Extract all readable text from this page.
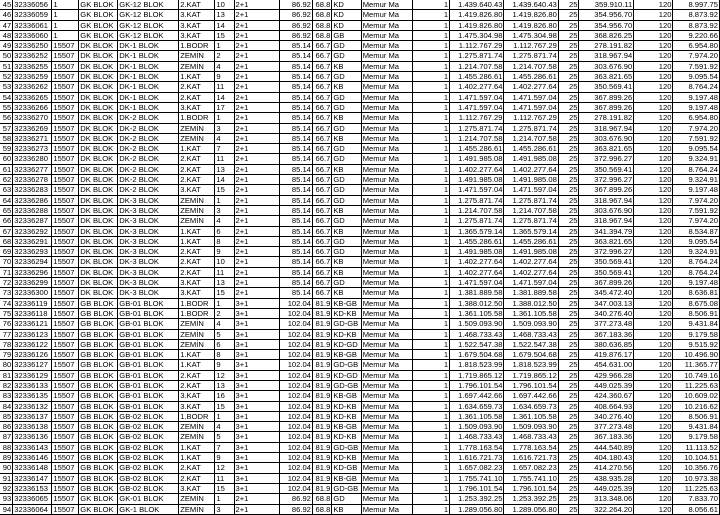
45	32336056	1	GK BLOK	GK-12 BLOK	2.KAT	10	2+1	86.92	68.8	KD	Memur Ma	1	1.439.640.43	1.439.640.43	25	359.910.11	120	8.997.75
46	32336059	1	GK BLOK	GK-12 BLOK	3.KAT	13	2+1	86.92	68.8	KD	Memur Ma	1	1.419.826.80	1.419.826.80	25	354.956.70	120	8.873.92
47	32336061	1	GK BLOK	GK-12 BLOK	3.KAT	14	2+1	86.92	68.8	KD	Memur Ma	1	1.419.826.80	1.419.826.80	25	354.956.70	120	8.873.92
48	32336060	1	GK BLOK	GK-12 BLOK	3.KAT	15	2+1	86.92	68.8	GB	Memur Ma	1	1.475.304.98	1.475.304.98	25	368.826.25	120	9.220.66
49	32336250	15507	DK BLOK	DK-1 BLOK	1.BODR	1	2+1	85.14	66.7	GD	Memur Ma	1	1.112.767.29	1.112.767.29	25	278.191.82	120	6.954.80
50	32336252	15507	DK BLOK	DK-1 BLOK	ZEMİN	2	2+1	85.14	66.7	GD	Memur Ma	1	1.275.871.74	1.275.871.74	25	318.967.94	120	7.974.20
51	32336255	15507	DK BLOK	DK-1 BLOK	ZEMİN	4	2+1	85.14	66.7	KB	Memur Ma	1	1.214.707.58	1.214.707.58	25	303.676.90	120	7.591.92
52	32336259	15507	DK BLOK	DK-1 BLOK	1.KAT	9	2+1	85.14	66.7	GD	Memur Ma	1	1.455.286.61	1.455.286.61	25	363.821.65	120	9.095.54
53	32336262	15507	DK BLOK	DK-1 BLOK	2.KAT	11	2+1	85.14	66.7	KB	Memur Ma	1	1.402.277.64	1.402.277.64	25	350.569.41	120	8.764.24
54	32336265	15507	DK BLOK	DK-1 BLOK	2.KAT	14	2+1	85.14	66.7	GD	Memur Ma	1	1.471.597.04	1.471.597.04	25	367.899.26	120	9.197.48
55	32336266	15507	DK BLOK	DK-1 BLOK	3.KAT	17	2+1	85.14	66.7	GD	Memur Ma	1	1.471.597.04	1.471.597.04	25	367.899.26	120	9.197.48
56	32336270	15507	DK BLOK	DK-2 BLOK	1.BODR	1	2+1	85.14	66.7	KB	Memur Ma	1	1.112.767.29	1.112.767.29	25	278.191.82	120	6.954.80
57	32336269	15507	DK BLOK	DK-2 BLOK	ZEMİN	3	2+1	85.14	66.7	GD	Memur Ma	1	1.275.871.74	1.275.871.74	25	318.967.94	120	7.974.20
58	32336271	15507	DK BLOK	DK-2 BLOK	ZEMİN	4	2+1	85.14	66.7	KB	Memur Ma	1	1.214.707.58	1.214.707.58	25	303.676.90	120	7.591.92
59	32336273	15507	DK BLOK	DK-2 BLOK	1.KAT	7	2+1	85.14	66.7	GD	Memur Ma	1	1.455.286.61	1.455.286.61	25	363.821.65	120	9.095.54
60	32336280	15507	DK BLOK	DK-2 BLOK	2.KAT	11	2+1	85.14	66.7	GD	Memur Ma	1	1.491.985.08	1.491.985.08	25	372.996.27	120	9.324.91
61	32336277	15507	DK BLOK	DK-2 BLOK	2.KAT	13	2+1	85.14	66.7	KB	Memur Ma	1	1.402.277.64	1.402.277.64	25	350.569.41	120	8.764.24
62	32336278	15507	DK BLOK	DK-2 BLOK	2.KAT	14	2+1	85.14	66.7	GD	Memur Ma	1	1.491.985.08	1.491.985.08	25	372.996.27	120	9.324.91
63	32336283	15507	DK BLOK	DK-2 BLOK	3.KAT	15	2+1	85.14	66.7	GD	Memur Ma	1	1.471.597.04	1.471.597.04	25	367.899.26	120	9.197.48
64	32336286	15507	DK BLOK	DK-3 BLOK	ZEMİN	1	2+1	85.14	66.7	GD	Memur Ma	1	1.275.871.74	1.275.871.74	25	318.967.94	120	7.974.20
65	32336288	15507	DK BLOK	DK-3 BLOK	ZEMİN	3	2+1	85.14	66.7	KB	Memur Ma	1	1.214.707.58	1.214.707.58	25	303.676.90	120	7.591.92
66	32336287	15507	DK BLOK	DK-3 BLOK	ZEMİN	4	2+1	85.14	66.7	GD	Memur Ma	1	1.275.871.74	1.275.871.74	25	318.967.94	120	7.974.20
67	32336292	15507	DK BLOK	DK-3 BLOK	1.KAT	6	2+1	85.14	66.7	KB	Memur Ma	1	1.365.579.14	1.365.579.14	25	341.394.79	120	8.534.87
68	32336291	15507	DK BLOK	DK-3 BLOK	1.KAT	8	2+1	85.14	66.7	GD	Memur Ma	1	1.455.286.61	1.455.286.61	25	363.821.65	120	9.095.54
69	32336293	15507	DK BLOK	DK-3 BLOK	2.KAT	9	2+1	85.14	66.7	GD	Memur Ma	1	1.491.985.08	1.491.985.08	25	372.996.27	120	9.324.91
70	32336294	15507	DK BLOK	DK-3 BLOK	2.KAT	10	2+1	85.14	66.7	KB	Memur Ma	1	1.402.277.64	1.402.277.64	25	350.569.41	120	8.764.24
71	32336296	15507	DK BLOK	DK-3 BLOK	2.KAT	11	2+1	85.14	66.7	KB	Memur Ma	1	1.402.277.64	1.402.277.64	25	350.569.41	120	8.764.24
72	32336299	15507	DK BLOK	DK-3 BLOK	3.KAT	13	2+1	85.14	66.7	GD	Memur Ma	1	1.471.597.04	1.471.597.04	25	367.899.26	120	9.197.48
73	32336300	15507	DK BLOK	DK-3 BLOK	3.KAT	15	2+1	85.14	66.7	KB	Memur Ma	1	1.381.889.58	1.381.889.58	25	345.472.40	120	8.636.81
74	32336119	15507	GB BLOK	GB-01 BLOK	1.BODR	1	3+1	102.04	81.9	KB-GB	Memur Ma	1	1.388.012.50	1.388.012.50	25	347.003.13	120	8.675.08
75	32336118	15507	GB BLOK	GB-01 BLOK	1.BODR	2	3+1	102.04	81.9	KD-KB	Memur Ma	1	1.361.105.58	1.361.105.58	25	340.276.40	120	8.506.91
76	32336121	15507	GB BLOK	GB-01 BLOK	ZEMİN	4	3+1	102.04	81.9	GD-GB	Memur Ma	1	1.509.093.90	1.509.093.90	25	377.273.48	120	9.431.84
77	32336123	15507	GB BLOK	GB-01 BLOK	ZEMİN	5	3+1	102.04	81.9	KD-KB	Memur Ma	1	1.468.733.43	1.468.733.43	25	367.183.36	120	9.179.58
78	32336122	15507	GB BLOK	GB-01 BLOK	ZEMİN	6	3+1	102.04	81.9	KD-GD	Memur Ma	1	1.522.547.38	1.522.547.38	25	380.636.85	120	9.515.92
79	32336126	15507	GB BLOK	GB-01 BLOK	1.KAT	8	3+1	102.04	81.9	KB-GB	Memur Ma	1	1.679.504.68	1.679.504.68	25	419.876.17	120	10.496.90
80	32336127	15507	GB BLOK	GB-01 BLOK	1.KAT	9	3+1	102.04	81.9	GD-GB	Memur Ma	1	1.818.523.99	1.818.523.99	25	454.631.00	120	11.365.77
81	32336129	15507	GB BLOK	GB-01 BLOK	2.KAT	12	3+1	102.04	81.9	KD-GD	Memur Ma	1	1.719.865.12	1.719.865.12	25	429.966.28	120	10.749.16
82	32336133	15507	GB BLOK	GB-01 BLOK	2.KAT	13	3+1	102.04	81.9	GD-GB	Memur Ma	1	1.796.101.54	1.796.101.54	25	449.025.39	120	11.225.63
83	32336135	15507	GB BLOK	GB-01 BLOK	3.KAT	16	3+1	102.04	81.9	KB-GB	Memur Ma	1	1.697.442.66	1.697.442.66	25	424.360.67	120	10.609.02
84	32336132	15507	GB BLOK	GB-01 BLOK	3.KAT	15	3+1	102.04	81.9	KD-KB	Memur Ma	1	1.634.659.73	1.634.659.73	25	408.664.93	120	10.216.62
85	32336137	15507	GB BLOK	GB-02 BLOK	1.BODR	1	3+1	102.04	81.9	KD-KB	Memur Ma	1	1.361.105.58	1.361.105.58	25	340.276.40	120	8.506.91
86	32336138	15507	GB BLOK	GB-02 BLOK	ZEMİN	4	3+1	102.04	81.9	KB-GB	Memur Ma	1	1.509.093.90	1.509.093.90	25	377.273.48	120	9.431.84
87	32336136	15507	GB BLOK	GB-02 BLOK	ZEMİN	5	3+1	102.04	81.9	KD-KB	Memur Ma	1	1.468.733.43	1.468.733.43	25	367.183.36	120	9.179.58
88	32336143	15507	GB BLOK	GB-02 BLOK	1.KAT	7	3+1	102.04	81.9	GD-GB	Memur Ma	1	1.778.163.54	1.778.163.54	25	444.540.89	120	11.113.52
89	32336146	15507	GB BLOK	GB-02 BLOK	1.KAT	9	3+1	102.04	81.9	KD-KB	Memur Ma	1	1.616.721.73	1.616.721.73	25	404.180.43	120	10.104.51
90	32336148	15507	GB BLOK	GB-02 BLOK	2.KAT	12	3+1	102.04	81.9	KD-GB	Memur Ma	1	1.657.082.23	1.657.082.23	25	414.270.56	120	10.356.76
91	32336147	15507	GB BLOK	GB-02 BLOK	2.KAT	11	3+1	102.04	81.9	KB-GB	Memur Ma	1	1.755.741.10	1.755.741.10	25	438.935.28	120	10.973.38
92	32336153	15507	GB BLOK	GB-02 BLOK	3.KAT	15	3+1	102.04	81.9	GD-GB	Memur Ma	1	1.796.101.54	1.796.101.54	25	449.025.39	120	11.225.63
93	32336065	15507	GK BLOK	GK-01 BLOK	ZEMİN	1	2+1	86.92	68.8	GD	Memur Ma	1	1.253.392.25	1.253.392.25	25	313.348.06	120	7.833.70
94	32336064	15507	GK BLOK	GK-1 BLOK	ZEMİN	3	2+1	86.92	68.8	KB	Memur Ma	1	1.289.056.80	1.289.056.80	25	322.264.20	120	8.056.61
